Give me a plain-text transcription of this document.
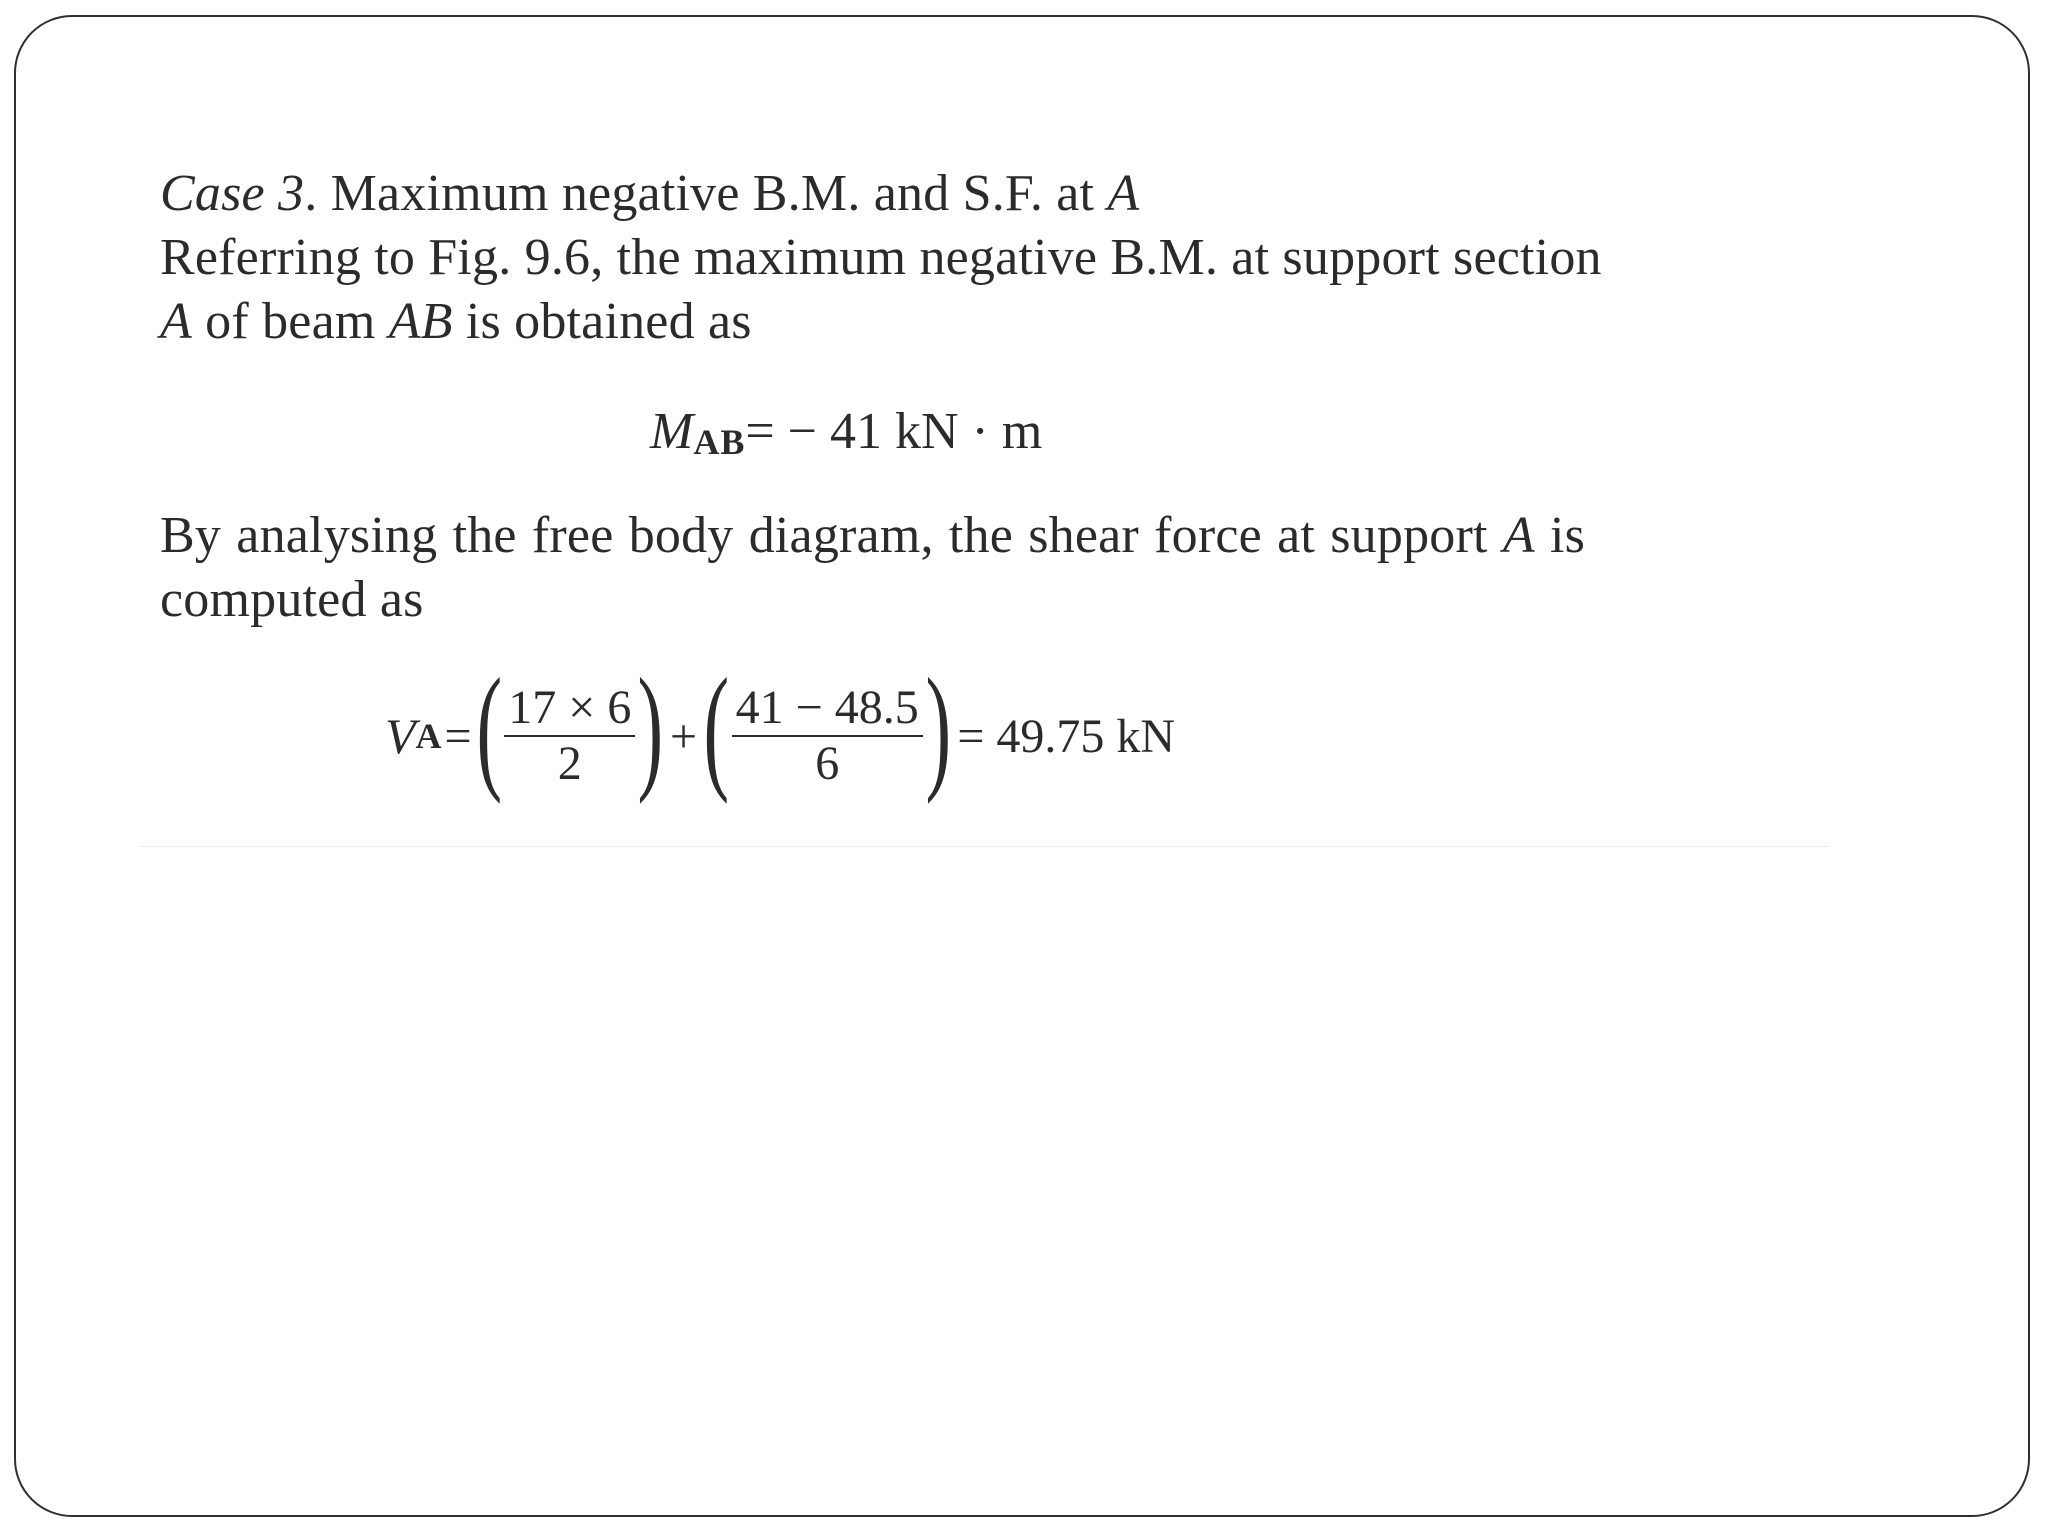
Case 3. Maximum negative B.M. and S.F. at A
Referring to Fig. 9.6, the maximum negative B.M. at support section
A of beam AB is obtained as
MAB= − 41 kN · m
By analysing the free body diagram, the shear force at support A is
computed as
V A = ( $\frac{17 \times 6}{2}$ ) + ( $\frac{41 - 48.5}{6}$ ) = 49.75 kN
